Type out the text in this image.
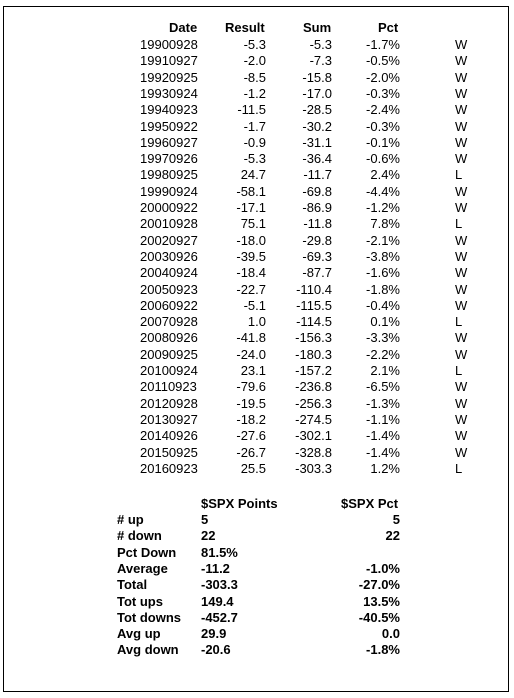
Date Result	Sum	Pct
19900928	-5.3	-5.3	-1.7%	W
19910927	-2.0	-7.3	-0.5%	W
19920925	-8.5	-15.8	-2.0%	W
19930924	-1.2	-17.0	-0.3%	W
19940923	-11.5	-28.5	-2.4%	W
19950922	-1.7	-30.2	-0.3%	W
19960927	-0.9	-31.1	-0.1%	W
19970926	-5.3	-36.4	-0.6%	W
19980925	24.7	-11.7	2.4%	L
19990924	-58.1	-69.8	-4.4%	W
20000922	-17.1	-86.9	-1.2%	W
20010928	75.1	-11.8	7.8%	L
20020927	-18.0	-29.8	-2.1%	W
20030926	-39.5	-69.3	-3.8%	W
20040924	-18.4	-87.7	-1.6%	W
20050923	-22.7 -110.4	-1.8%	W
20060922	-5.1 -115.5	-0.4%	W
20070928	1.0 -114.5	0.1%	L
20080926	-41.8 -156.3	-3.3%	W
20090925	-24.0 -180.3	-2.2%	W
20100924	23.1 -157.2	2.1%	L
20110923	-79.6 -236.8	-6.5%	W
20120928	-19.5 -256.3	-1.3%	W
20130927	-18.2 -274.5	-1.1%	W
20140926	-27.6 -302.1	-1.4%	W
20150925	-26.7 -328.8	-1.4%	W
20160923	25.5 -303.3	1.2%	L
$SPX Points	$SPX Pct
# up	5	5
# down	22	22
Pct Down 81.5%
Average	-11.2	-1.0%
Total	-303.3	-27.0%
Tot ups	149.4	13.5%
Tot downs -452.7	-40.5%
Avg up	29.9	0.0
Avg down -20.6	-1.8%
